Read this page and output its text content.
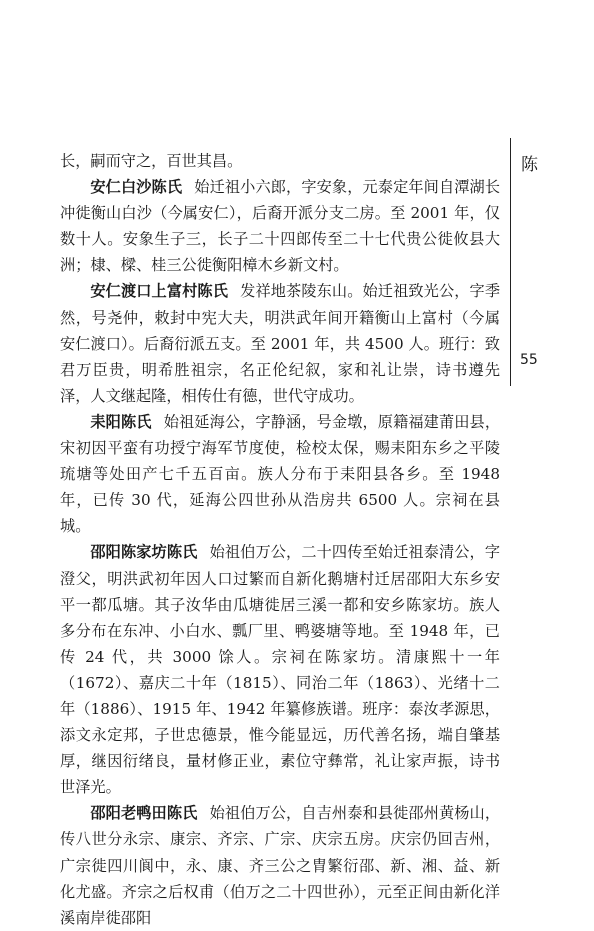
陈
55

长，嗣而守之，百世其昌。

安仁白沙陈氏 始迁祖小六郎，字安象，元泰定年间自潭湖长冲徙衡山白沙（今属安仁），后裔开派分支二房。至 2001 年，仅数十人。安象生子三，长子二十四郎传至二十七代贵公徙攸县大洲；棣、樑、桂三公徙衡阳樟木乡新文村。

安仁渡口上富村陈氏 发祥地茶陵东山。始迁祖致光公，字季然，号尧仲，敕封中宪大夫，明洪武年间开籍衡山上富村（今属安仁渡口）。后裔衍派五支。至 2001 年，共 4500 人。班行：致君万臣贵，明希胜祖宗，名正伦纪叙，家和礼让崇，诗书遵先泽，人文继起隆，相传仕有德，世代守成功。

耒阳陈氏 始祖延海公，字静涵，号金墩，原籍福建莆田县，宋初因平蛮有功授宁海军节度使，检校太保，赐耒阳东乡之平陵琉塘等处田产七千五百亩。族人分布于耒阳县各乡。至 1948 年，已传 30 代，延海公四世孙从浩房共 6500 人。宗祠在县城。

邵阳陈家坊陈氏 始祖伯万公，二十四传至始迁祖泰清公，字澄父，明洪武初年因人口过繁而自新化鹅塘村迁居邵阳大东乡安平一都瓜塘。其子汝华由瓜塘徙居三溪一都和安乡陈家坊。族人多分布在东冲、小白水、瓢厂里、鸭婆塘等地。至 1948 年，已传 24 代，共 3000 馀人。宗祠在陈家坊。清康熙十一年（1672）、嘉庆二十年（1815）、同治二年（1863）、光绪十二年（1886）、1915 年、1942 年纂修族谱。班序：泰汝孝源思，添文永定邦，子世忠德景，惟今能显远，历代善名扬，端自肇基厚，继因衍绪良，量材修正业，素位守彝常，礼让家声振，诗书世泽光。

邵阳老鸭田陈氏 始祖伯万公，自吉州泰和县徙邵州黄杨山，传八世分永宗、康宗、齐宗、广宗、庆宗五房。庆宗仍回吉州，广宗徙四川阆中，永、康、齐三公之胄繁衍邵、新、湘、益、新化尤盛。齐宗之后权甫（伯万之二十四世孙），元至正间由新化洋溪南岸徙邵阳
